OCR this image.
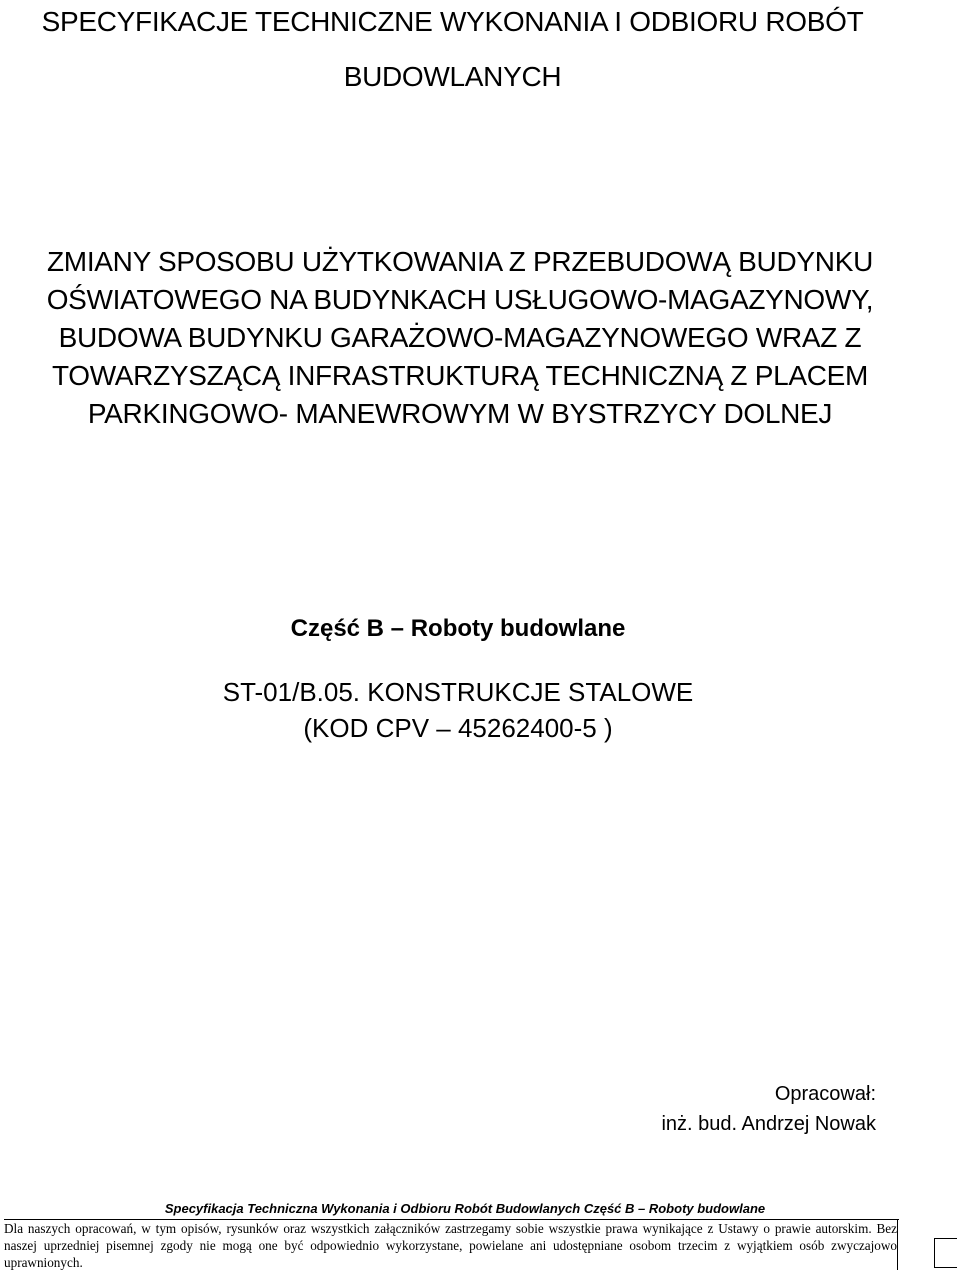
SPECYFIKACJE TECHNICZNE WYKONANIA I ODBIORU ROBÓT
BUDOWLANYCH
ZMIANY SPOSOBU UŻYTKOWANIA Z PRZEBUDOWĄ BUDYNKU
OŚWIATOWEGO NA BUDYNKACH USŁUGOWO-MAGAZYNOWY,
BUDOWA BUDYNKU GARAŻOWO-MAGAZYNOWEGO WRAZ Z
TOWARZYSZĄCĄ INFRASTRUKTURĄ TECHNICZNĄ Z PLACEM
PARKINGOWO- MANEWROWYM W BYSTRZYCY DOLNEJ
Część B – Roboty budowlane
ST-01/B.05. KONSTRUKCJE STALOWE
(KOD CPV – 45262400-5 )
Opracował:
inż. bud. Andrzej Nowak
Specyfikacja Techniczna Wykonania i Odbioru Robót Budowlanych Część B – Roboty budowlane
Dla naszych opracowań, w tym opisów, rysunków oraz wszystkich załączników zastrzegamy sobie wszystkie prawa wynikające z Ustawy o prawie autorskim. Bez naszej uprzedniej pisemnej zgody nie mogą one być odpowiednio wykorzystane, powielane ani udostępniane osobom trzecim z wyjątkiem osób zwyczajowo uprawnionych.
